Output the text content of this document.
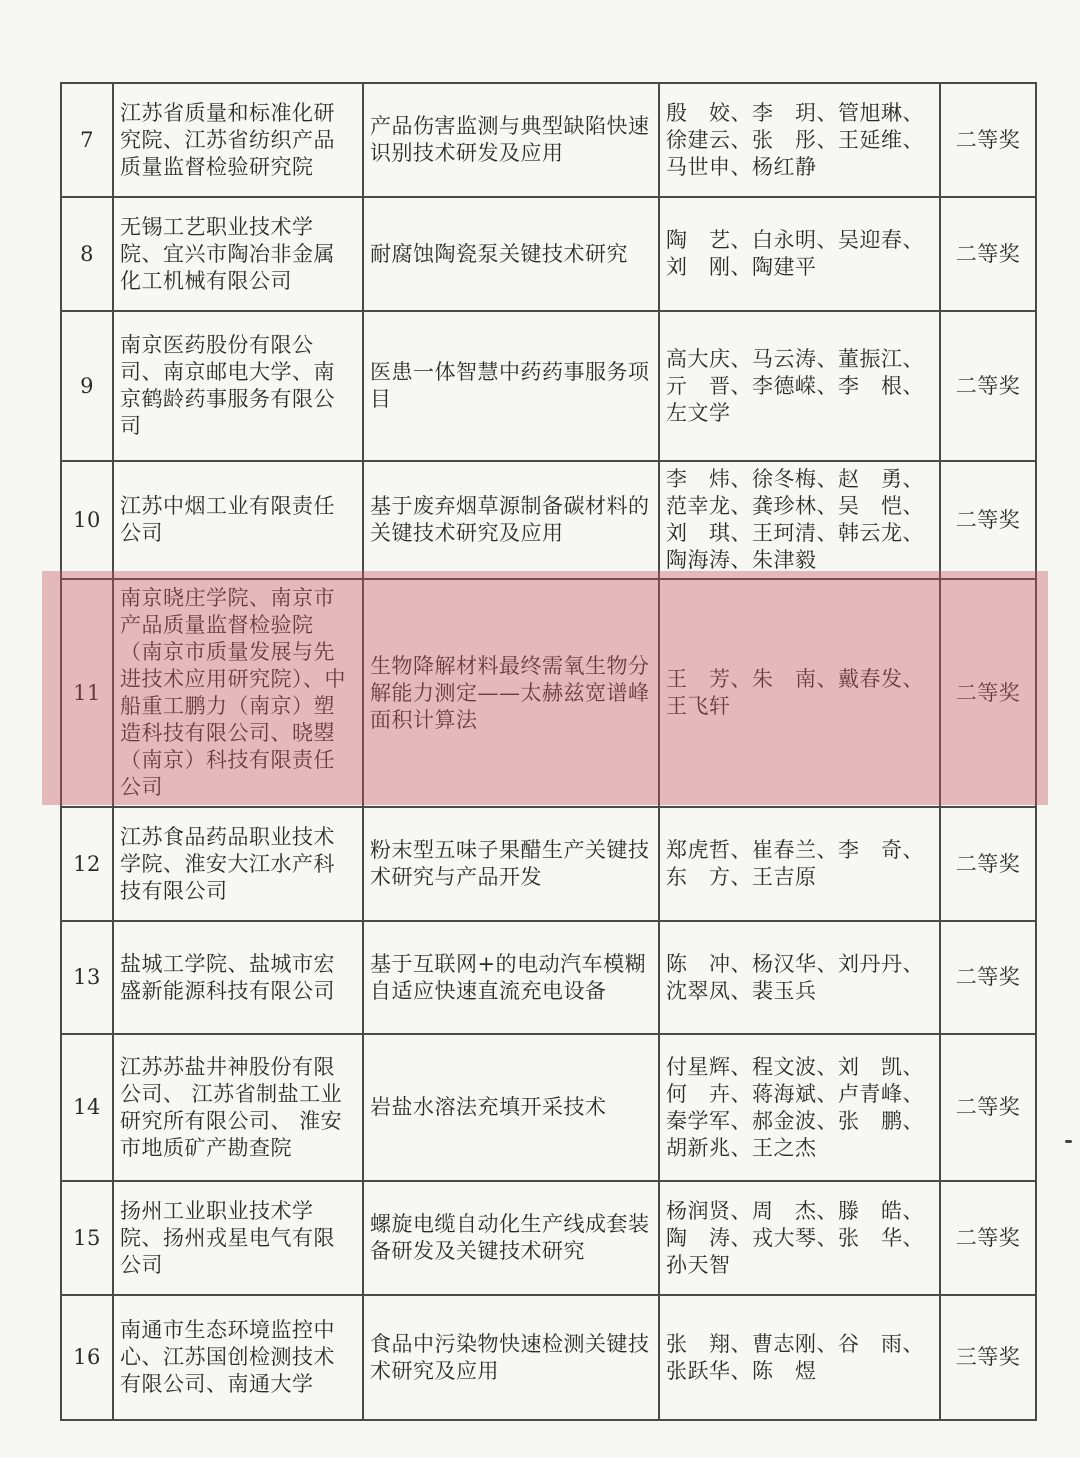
7	江苏省质量和标准化研究院、江苏省纺织产品质量监督检验研究院	产品伤害监测与典型缺陷快速识别技术研发及应用	殷　姣、李　玥、管旭琳、
徐建云、张　彤、王延维、
马世申、杨红静	二等奖
8	无锡工艺职业技术学院、宜兴市陶冶非金属化工机械有限公司	耐腐蚀陶瓷泵关键技术研究	陶　艺、白永明、吴迎春、
刘　刚、陶建平	二等奖
9	南京医药股份有限公司、南京邮电大学、南京鹤龄药事服务有限公司	医患一体智慧中药药事服务项目	高大庆、马云涛、董振江、
亓　晋、李德嵘、李　根、
左文学	二等奖
10	江苏中烟工业有限责任公司	基于废弃烟草源制备碳材料的关键技术研究及应用	李　炜、徐冬梅、赵　勇、
范幸龙、龚珍林、吴　恺、
刘　琪、王珂清、韩云龙、
陶海涛、朱津毅	二等奖
11	南京晓庄学院、南京市产品质量监督检验院（南京市质量发展与先进技术应用研究院）、中船重工鹏力（南京）塑造科技有限公司、晓曌（南京）科技有限责任公司	生物降解材料最终需氧生物分解能力测定——太赫兹宽谱峰面积计算法	王　芳、朱　南、戴春发、
王飞轩	二等奖
12	江苏食品药品职业技术学院、淮安大江水产科技有限公司	粉末型五味子果醋生产关键技术研究与产品开发	郑虎哲、崔春兰、李　奇、
东　方、王吉原	二等奖
13	盐城工学院、盐城市宏盛新能源科技有限公司	基于互联网+的电动汽车模糊自适应快速直流充电设备	陈　冲、杨汉华、刘丹丹、
沈翠凤、裴玉兵	二等奖
14	江苏苏盐井神股份有限公司、 江苏省制盐工业研究所有限公司、 淮安市地质矿产勘查院	岩盐水溶法充填开采技术	付星辉、程文波、刘　凯、
何　卉、蒋海斌、卢青峰、
秦学军、郝金波、张　鹏、
胡新兆、王之杰	二等奖
15	扬州工业职业技术学院、扬州戎星电气有限公司	螺旋电缆自动化生产线成套装备研发及关键技术研究	杨润贤、周　杰、滕　皓、
陶　涛、戎大琴、张　华、
孙天智	二等奖
16	南通市生态环境监控中心、江苏国创检测技术有限公司、南通大学	食品中污染物快速检测关键技术研究及应用	张　翔、曹志刚、谷　雨、
张跃华、陈　煜	三等奖
